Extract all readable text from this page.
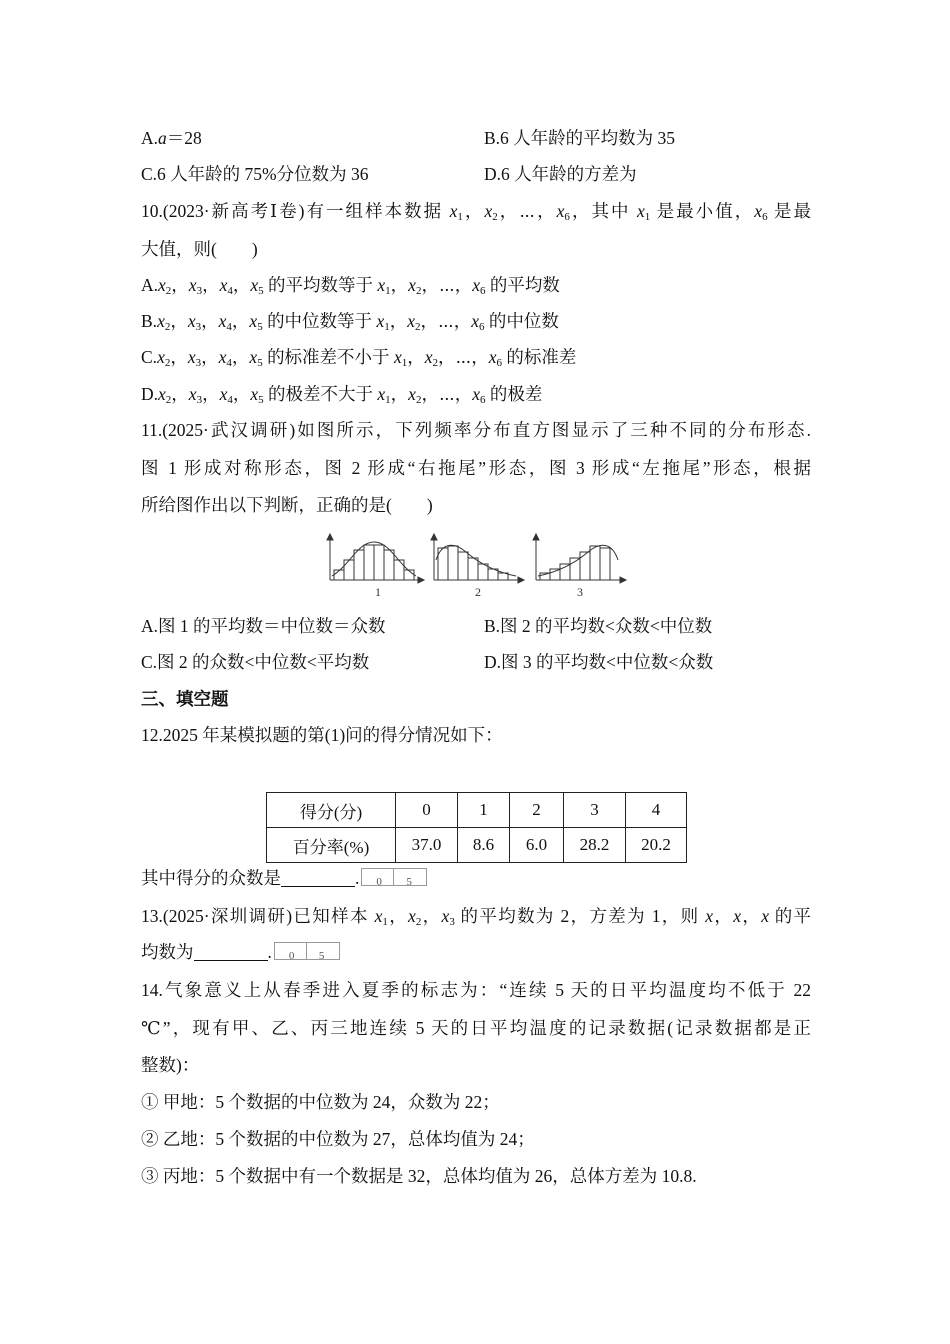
A.a＝28	B.6 人年龄的平均数为 35
C.6 人年龄的 75%分位数为 36	D.6 人年龄的方差为
10.(2023·新高考Ⅰ卷)有一组样本数据 $x_1$，$x_2$，⋯，$x_6$，其中 $x_1$ 是最小值，$x_6$ 是最
大值，则(　　)
$A.x_2$，$x_3$，$x_4$，$x_5$ 的平均数等于 $x_1$，$x_2$，⋯，$x_6$ 的平均数
$B.x_2$，$x_3$，$x_4$，$x_5$ 的中位数等于 $x_1$，$x_2$，⋯，$x_6$ 的中位数
$C.x_2$，$x_3$，$x_4$，$x_5$ 的标准差不小于 $x_1$，$x_2$，⋯，$x_6$ 的标准差
$D.x_2$，$x_3$，$x_4$，$x_5$ 的极差不大于 $x_1$，$x_2$，⋯，$x_6$ 的极差
11.(2025·武汉调研)如图所示，下列频率分布直方图显示了三种不同的分布形态.
图 1 形成对称形态，图 2 形成“右拖尾”形态，图 3 形成“左拖尾”形态，根据
所给图作出以下判断，正确的是(　　)
1	2	3
A.图 1 的平均数＝中位数＝众数	B.图 2 的平均数<众数<中位数
C.图 2 的众数<中位数<平均数	D.图 3 的平均数<中位数<众数
三、填空题
12.2025 年某模拟题的第(1)问的得分情况如下：
得分(分)	0	1	2	3	4
百分率(%)	37.0	8.6	6.0	28.2	20.2
其中得分的众数是	. 0 5
13.(2025·深圳调研)已知样本 $x_1$，$x_2$，$x_3$ 的平均数为 2，方差为 1，则 x，x，x 的平
均数为	. 0 5
14.气象意义上从春季进入夏季的标志为：“连续 5 天的日平均温度均不低于 22
℃”，现有甲、乙、丙三地连续 5 天的日平均温度的记录数据(记录数据都是正
整数)：
① 甲地：5 个数据的中位数为 24，众数为 22；
② 乙地：5 个数据的中位数为 27，总体均值为 24；
③ 丙地：5 个数据中有一个数据是 32，总体均值为 26，总体方差为 10.8.
